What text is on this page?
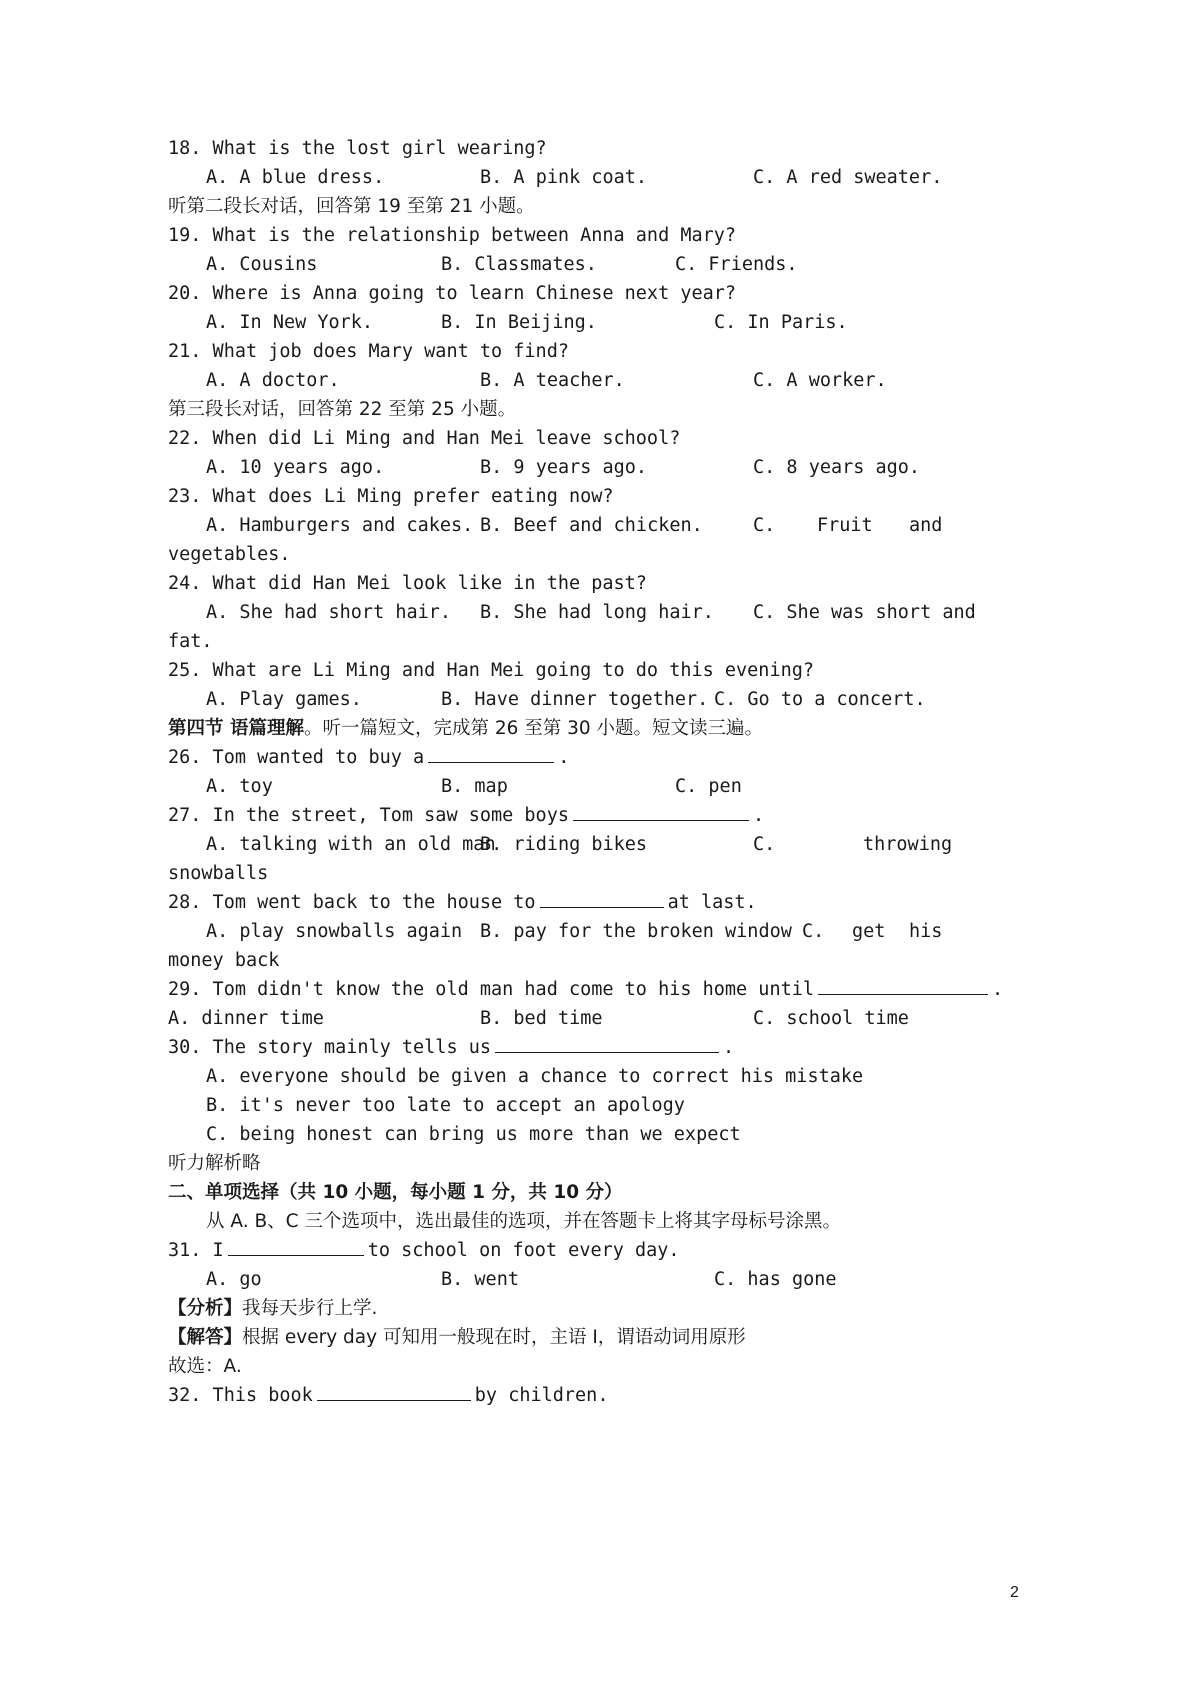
18. What is the lost girl wearing?
A. A blue dress.	B. A pink coat.	C. A red sweater.
听第二段长对话，回答第 19 至第 21 小题。
19. What is the relationship between Anna and Mary?
A. Cousins	B. Classmates.	C. Friends.
20. Where is Anna going to learn Chinese next year?
A. In New York.	B. In Beijing.	C. In Paris.
21. What job does Mary want to find?
A. A doctor.	B. A teacher.	C. A worker.
第三段长对话，回答第 22 至第 25 小题。
22. When did Li Ming and Han Mei leave school?
A. 10 years ago.	B. 9 years ago.	C. 8 years ago.
23. What does Li Ming prefer eating now?
A. Hamburgers and cakes. B. Beef and chicken.	C. Fruit and
vegetables.
24. What did Han Mei look like in the past?
A. She had short hair. B. She had long hair. C. She was short and
fat.
25. What are Li Ming and Han Mei going to do this evening?
A. Play games.	B. Have dinner together. C. Go to a concert.
第四节 语篇理解。听一篇短文，完成第 26 至第 30 小题。短文读三遍。
26. Tom wanted to buy a	.
A. toy	B. map	C. pen
27. In the street, Tom saw some boys	.
A. talking with an old man
B. riding bikes	C.	throwing
snowballs
28. Tom went back to the house to	at last.
A. play snowballs again B. pay for the broken window C. get his
money back
29. Tom didn't know the old man had come to his home until	.
A. dinner time	B. bed time	C. school time
30. The story mainly tells us	.
A. everyone should be given a chance to correct his mistake
B. it's never too late to accept an apology
C. being honest can bring us more than we expect
听力解析略
二、单项选择（共 10 小题，每小题 1 分，共 10 分）
从 A. B、C 三个选项中，选出最佳的选项，并在答题卡上将其字母标号涂黑。
31. I	to school on foot every day.
A. go	B. went	C. has gone
【分析】我每天步行上学.
【解答】根据 every day 可知用一般现在时，主语 I，谓语动词用原形
故选：A.
32. This book	by children.
2
